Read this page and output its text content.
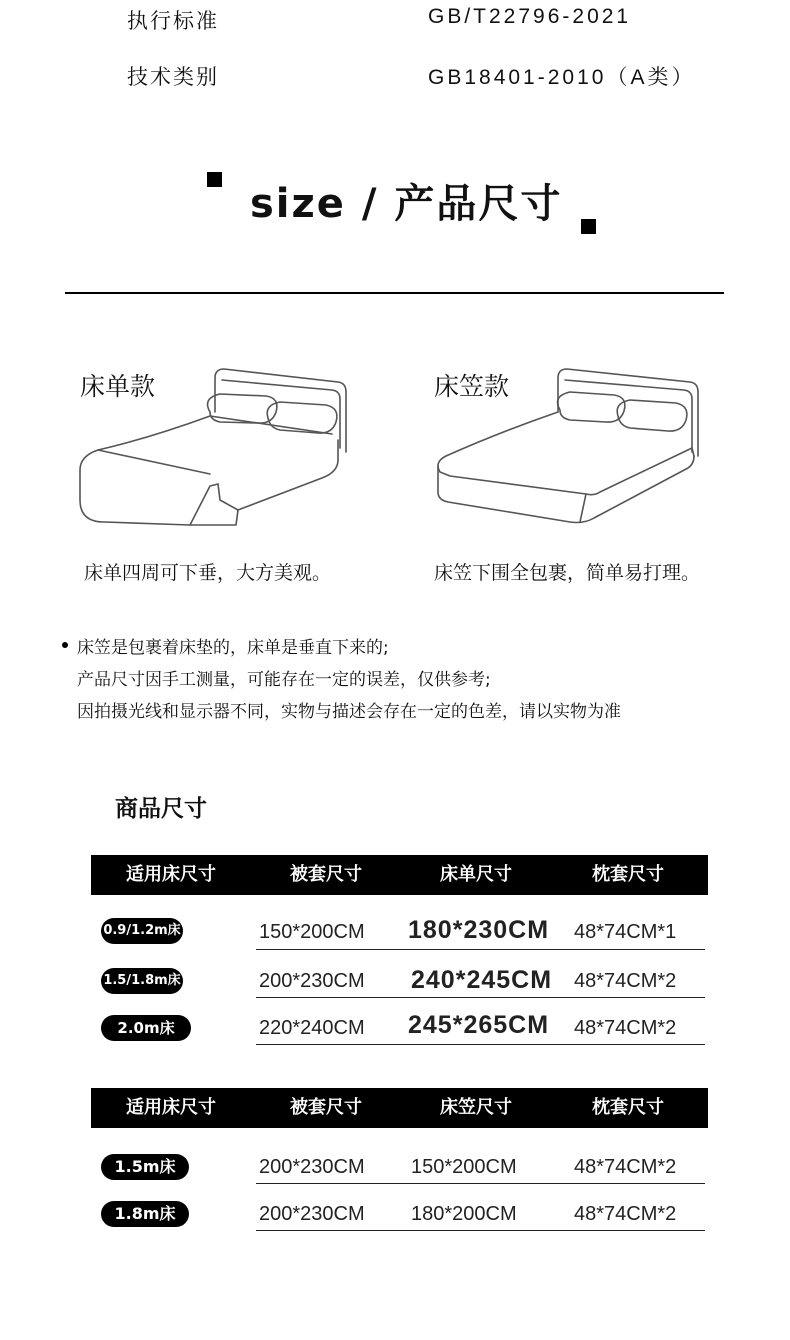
执行标准	GB/T22796-2021
技术类别	GB18401-2010（A类）
size / 产品尺寸
床单款
床单四周可下垂，大方美观。
床笠款
床笠下围全包裹，简单易打理。
床笠是包裹着床垫的，床单是垂直下来的;
产品尺寸因手工测量，可能存在一定的误差，仅供参考;
因拍摄光线和显示器不同，实物与描述会存在一定的色差，请以实物为准
商品尺寸
适用床尺寸	被套尺寸	床单尺寸	枕套尺寸
0.9/1.2m床	150*200CM 180*230CM 48*74CM*1
1.5/1.8m床	200*230CM 240*245CM 48*74CM*2
2.0m床	220*240CM 245*265CM 48*74CM*2
适用床尺寸	被套尺寸	床笠尺寸	枕套尺寸
1.5m床	200*230CM 150*200CM	48*74CM*2
1.8m床	200*230CM 180*200CM	48*74CM*2
